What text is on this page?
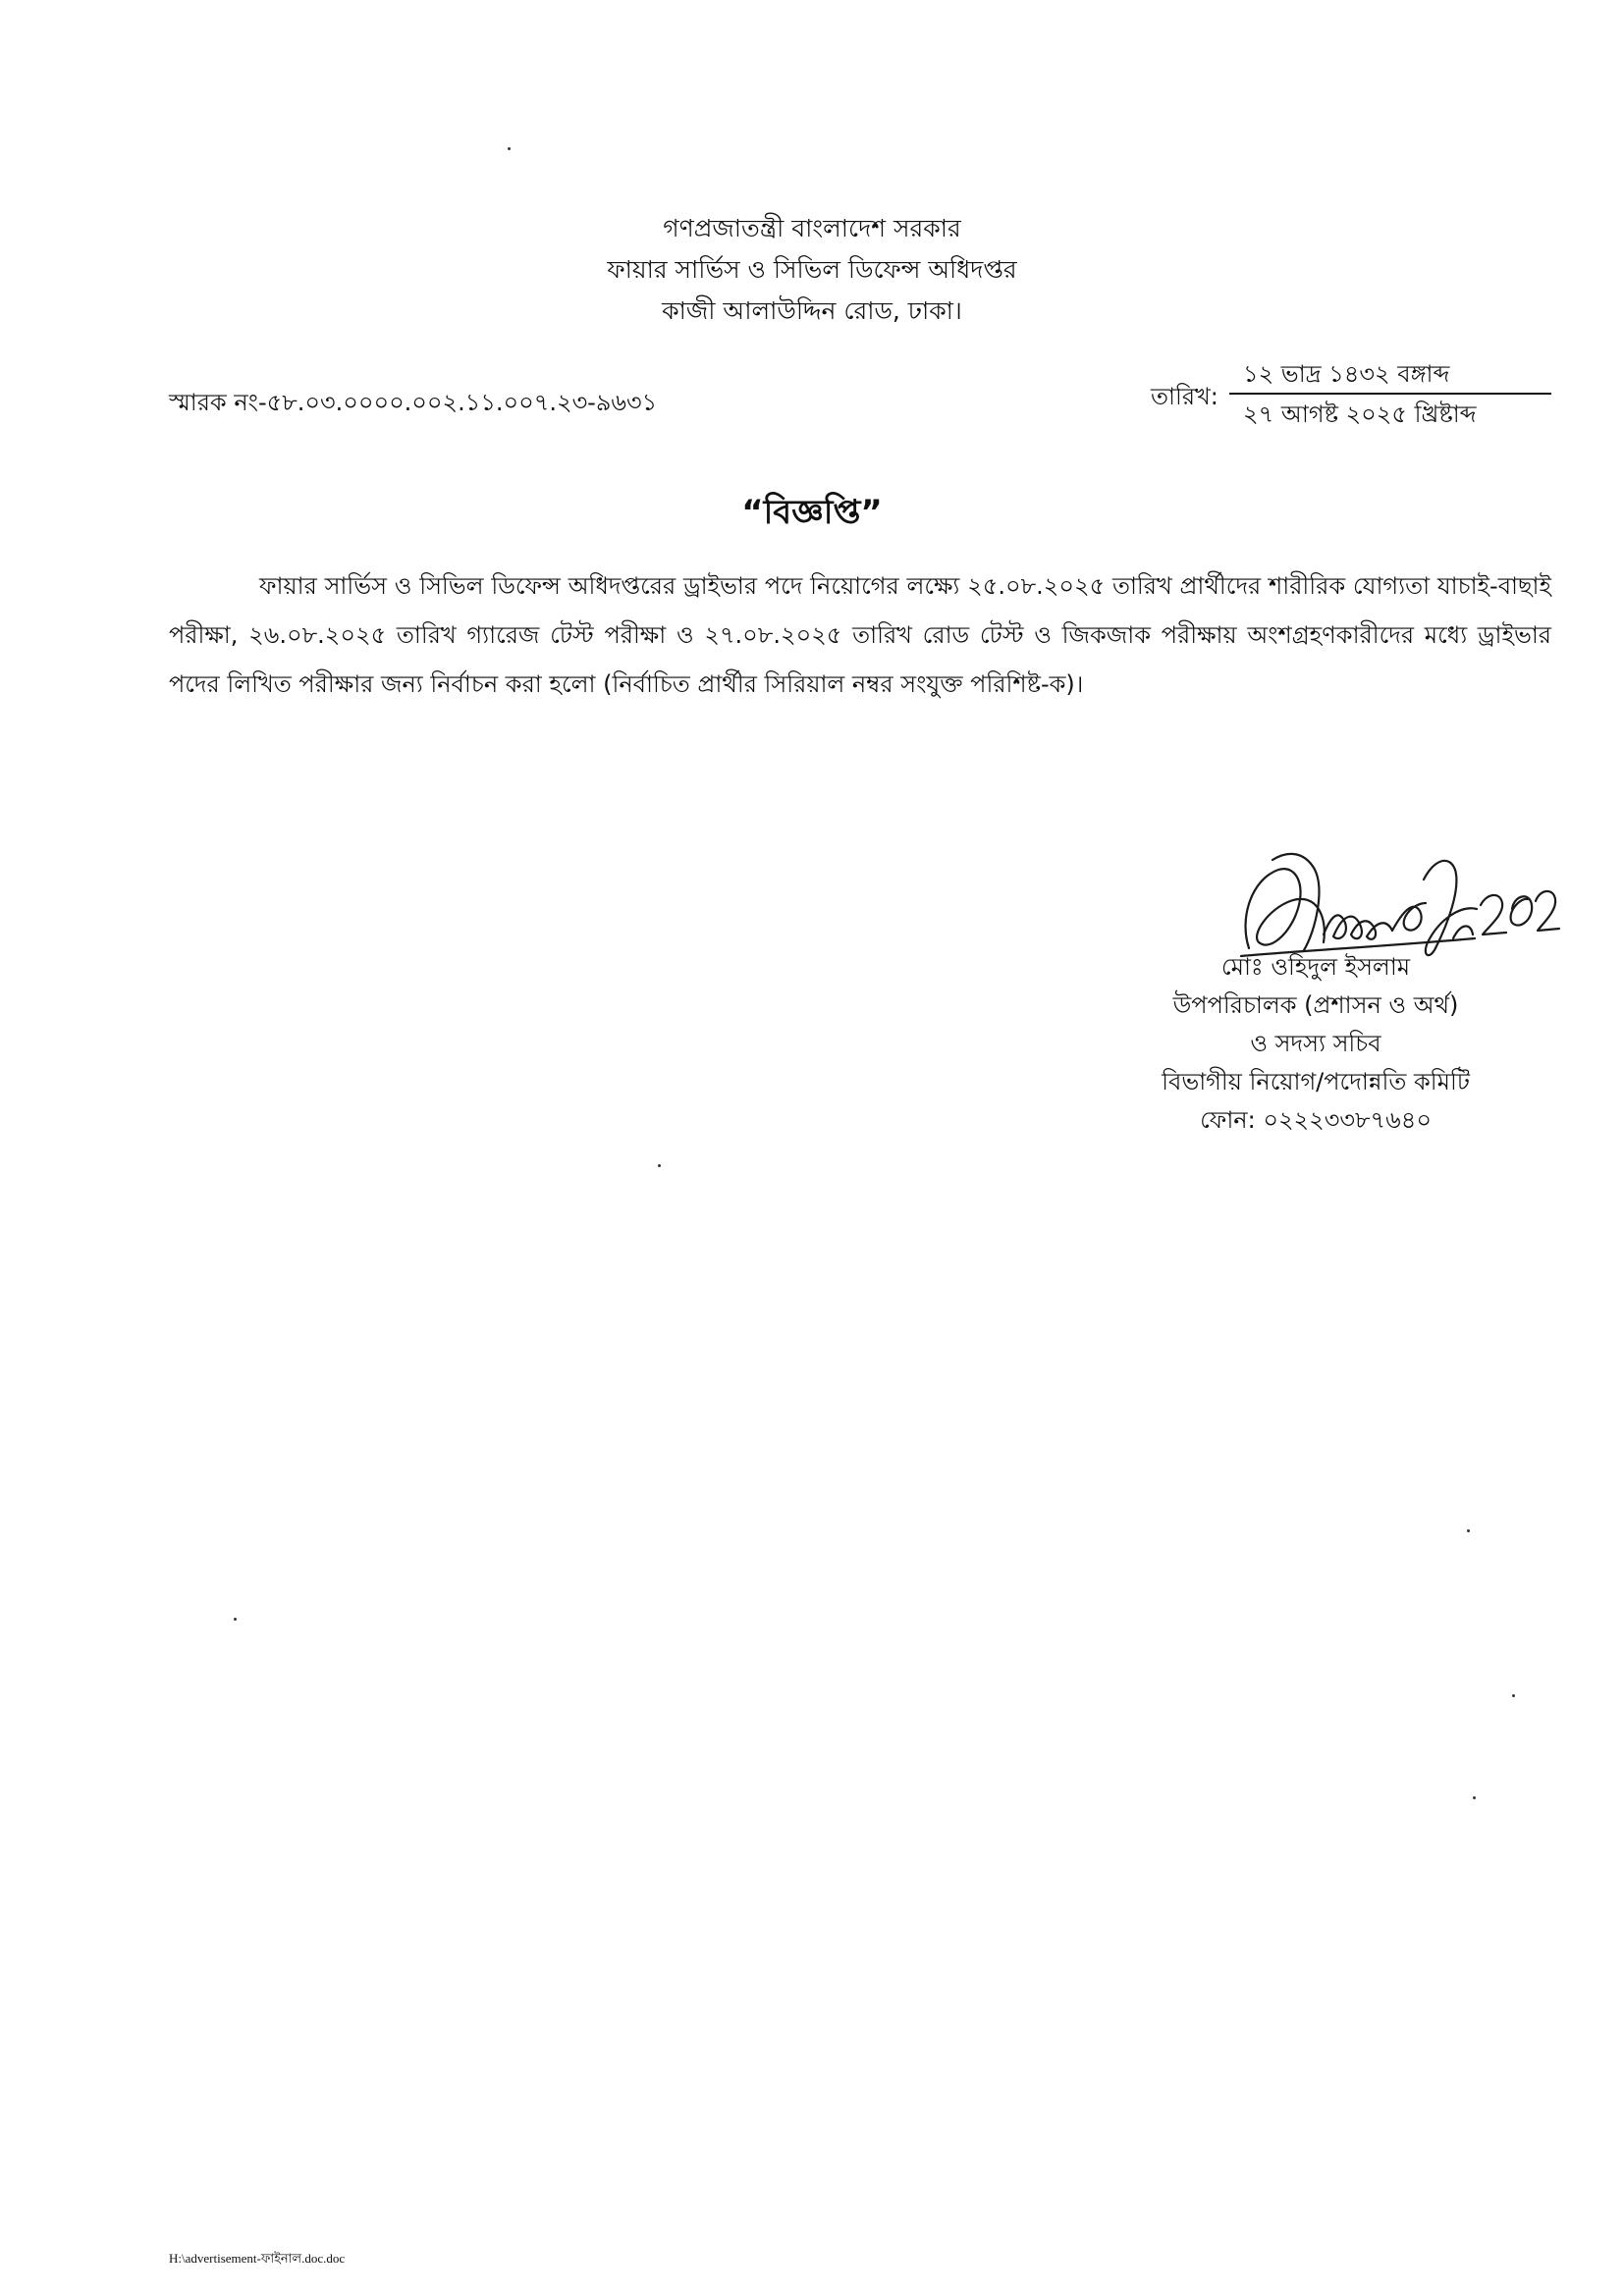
গণপ্রজাতন্ত্রী বাংলাদেশ সরকার
ফায়ার সার্ভিস ও সিভিল ডিফেন্স অধিদপ্তর
কাজী আলাউদ্দিন রোড, ঢাকা।
স্মারক নং-৫৮.০৩.০০০০.০০২.১১.০০৭.২৩-৯৬৩১	তারিখ:
১২ ভাদ্র ১৪৩২ বঙ্গাব্দ
২৭ আগষ্ট ২০২৫ খ্রিষ্টাব্দ
“বিজ্ঞপ্তি”

ফায়ার সার্ভিস ও সিভিল ডিফেন্স অধিদপ্তরের ড্রাইভার পদে নিয়োগের লক্ষ্যে ২৫.০৮.২০২৫ তারিখ প্রার্থীদের শারীরিক যোগ্যতা যাচাই-বাছাই পরীক্ষা, ২৬.০৮.২০২৫ তারিখ গ্যারেজ টেস্ট পরীক্ষা ও ২৭.০৮.২০২৫ তারিখ রোড টেস্ট ও জিকজাক পরীক্ষায় অংশগ্রহণকারীদের মধ্যে ড্রাইভার পদের লিখিত পরীক্ষার জন্য নির্বাচন করা হলো (নির্বাচিত প্রার্থীর সিরিয়াল নম্বর সংযুক্ত পরিশিষ্ট-ক)।

মোঃ ওহিদুল ইসলাম
উপপরিচালক (প্রশাসন ও অর্থ)
ও সদস্য সচিব
বিভাগীয় নিয়োগ/পদোন্নতি কমিটি
ফোন: ০২২২৩৩৮৭৬৪০
H:\advertisement-ফাইনাল.doc.doc
